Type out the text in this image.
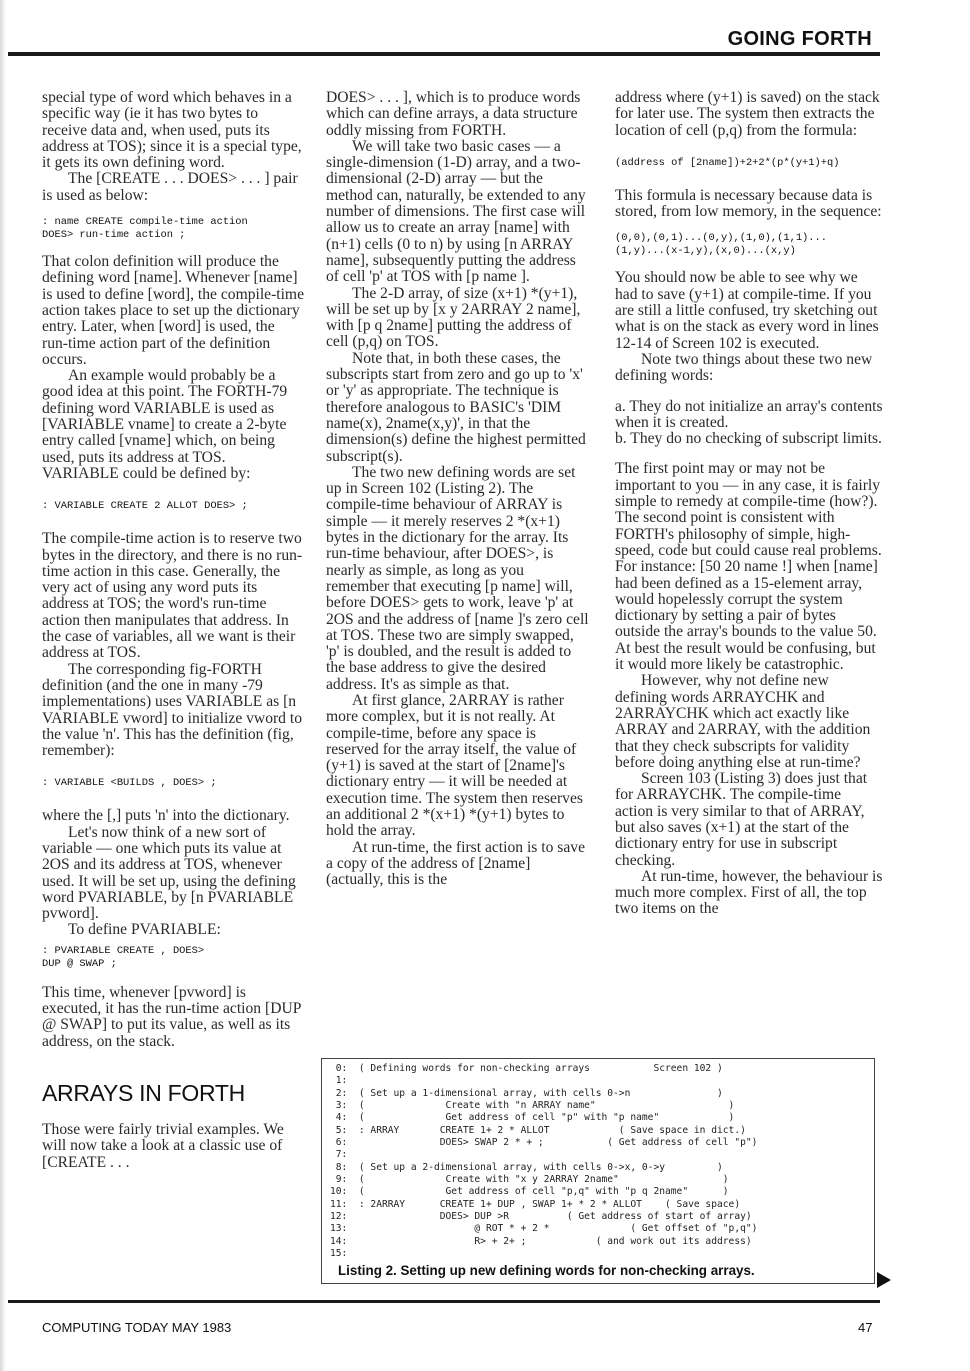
GOING FORTH

special type of word which behaves in a specific way (ie it has two bytes to receive data and, when used, puts its address at TOS); since it is a special type, it gets its own defining word.

The [CREATE . . . DOES> . . . ] pair is used as below:

: name CREATE compile-time action
DOES> run-time action ;

That colon definition will produce the defining word [name]. Whenever [name] is used to define [word], the compile-time action takes place to set up the dictionary entry. Later, when [word] is used, the run-time action part of the definition occurs.

An example would probably be a good idea at this point. The FORTH-79 defining word VARIABLE is used as [VARIABLE vname] to create a 2-byte entry called [vname] which, on being used, puts its address at TOS. VARIABLE could be defined by:

: VARIABLE CREATE 2 ALLOT DOES> ;

The compile-time action is to reserve two bytes in the directory, and there is no run-time action in this case. Generally, the very act of using any word puts its address at TOS; the word's run-time action then manipulates that address. In the case of variables, all we want is their address at TOS.

The corresponding fig-FORTH definition (and the one in many -79 implementations) uses VARIABLE as [n VARIABLE vword] to initialize vword to the value 'n'. This has the definition (fig, remember):

: VARIABLE <BUILDS , DOES> ;

where the [,] puts 'n' into the dictionary.

Let's now think of a new sort of variable — one which puts its value at 2OS and its address at TOS, whenever used. It will be set up, using the defining word PVARIABLE, by [n PVARIABLE pvword].

To define PVARIABLE:

: PVARIABLE CREATE , DOES>
DUP @ SWAP ;

This time, whenever [pvword] is executed, it has the run-time action [DUP @ SWAP] to put its value, as well as its address, on the stack.

ARRAYS IN FORTH

Those were fairly trivial examples. We will now take a look at a classic use of [CREATE . . .

DOES> . . . ], which is to produce words which can define arrays, a data structure oddly missing from FORTH.

We will take two basic cases — a single-dimension (1-D) array, and a two-dimensional (2-D) array — but the method can, naturally, be extended to any number of dimensions. The first case will allow us to create an array [name] with (n+1) cells (0 to n) by using [n ARRAY name], subsequently putting the address of cell 'p' at TOS with [p name ].

The 2-D array, of size (x+1) *(y+1), will be set up by [x y 2ARRAY 2 name], with [p q 2name] putting the address of cell (p,q) on TOS.

Note that, in both these cases, the subscripts start from zero and go up to 'x' or 'y' as appropriate. The technique is therefore analogous to BASIC's 'DIM name(x), 2name(x,y)', in that the dimension(s) define the highest permitted subscript(s).

The two new defining words are set up in Screen 102 (Listing 2). The compile-time behaviour of ARRAY is simple — it merely reserves 2 *(x+1) bytes in the dictionary for the array. Its run-time behaviour, after DOES>, is nearly as simple, as long as you remember that executing [p name] will, before DOES> gets to work, leave 'p' at 2OS and the address of [name ]'s zero cell at TOS. These two are simply swapped, 'p' is doubled, and the result is added to the base address to give the desired address. It's as simple as that.

At first glance, 2ARRAY is rather more complex, but it is not really. At compile-time, before any space is reserved for the array itself, the value of (y+1) is saved at the start of [2name]'s dictionary entry — it will be needed at execution time. The system then reserves an additional 2 *(x+1) *(y+1) bytes to hold the array.

At run-time, the first action is to save a copy of the address of [2name] (actually, this is the

address where (y+1) is saved) on the stack for later use. The system then extracts the location of cell (p,q) from the formula:

(address of [2name])+2+2*(p*(y+1)+q)

This formula is necessary because data is stored, from low memory, in the sequence:

(0,0),(0,1)...(0,y),(1,0),(1,1)...
(1,y)...(x-1,y),(x,0)...(x,y)

You should now be able to see why we had to save (y+1) at compile-time. If you are still a little confused, try sketching out what is on the stack as every word in lines 12-14 of Screen 102 is executed.

Note two things about these two new defining words:

a. They do not initialize an array's contents when it is created.

b. They do no checking of subscript limits.

The first point may or may not be important to you — in any case, it is fairly simple to remedy at compile-time (how?). The second point is consistent with FORTH's philosophy of simple, high-speed, code but could cause real problems. For instance: [50 20 name !] when [name] had been defined as a 15-element array, would hopelessly corrupt the system dictionary by setting a pair of bytes outside the array's bounds to the value 50. At best the result would be confusing, but it would more likely be catastrophic.

However, why not define new defining words ARRAYCHK and 2ARRAYCHK which act exactly like ARRAY and 2ARRAY, with the addition that they check subscripts for validity before doing anything else at run-time?

Screen 103 (Listing 3) does just that for ARRAYCHK. The compile-time action is very similar to that of ARRAY, but also saves (x+1) at the start of the dictionary entry for use in subscript checking.

At run-time, however, the behaviour is much more complex. First of all, the top two items on the

0:  ( Defining words for non-checking arrays           Screen 102 )
1:
2:  ( Set up a 1-dimensional array, with cells 0->n               )
3:  (              Create with "n ARRAY name"                       )
4:  (              Get address of cell "p" with "p name"            )
5:  : ARRAY       CREATE 1+ 2 * ALLOT            ( Save space in dict.)
6:                DOES> SWAP 2 * + ;           ( Get address of cell "p")
7:
8:  ( Set up a 2-dimensional array, with cells 0->x, 0->y         )
9:  (              Create with "x y 2ARRAY 2name"                  )
10:  (              Get address of cell "p,q" with "p q 2name"      )
11:  : 2ARRAY      CREATE 1+ DUP , SWAP 1+ * 2 * ALLOT    ( Save space)
12:                DOES> DUP >R          ( Get address of start of array)
13:                      @ ROT * + 2 *              ( Get offset of "p,q")
14:                      R> + 2+ ;            ( and work out its address)
15:
Listing 2. Setting up new defining words for non-checking arrays.
COMPUTING TODAY MAY 1983	47
